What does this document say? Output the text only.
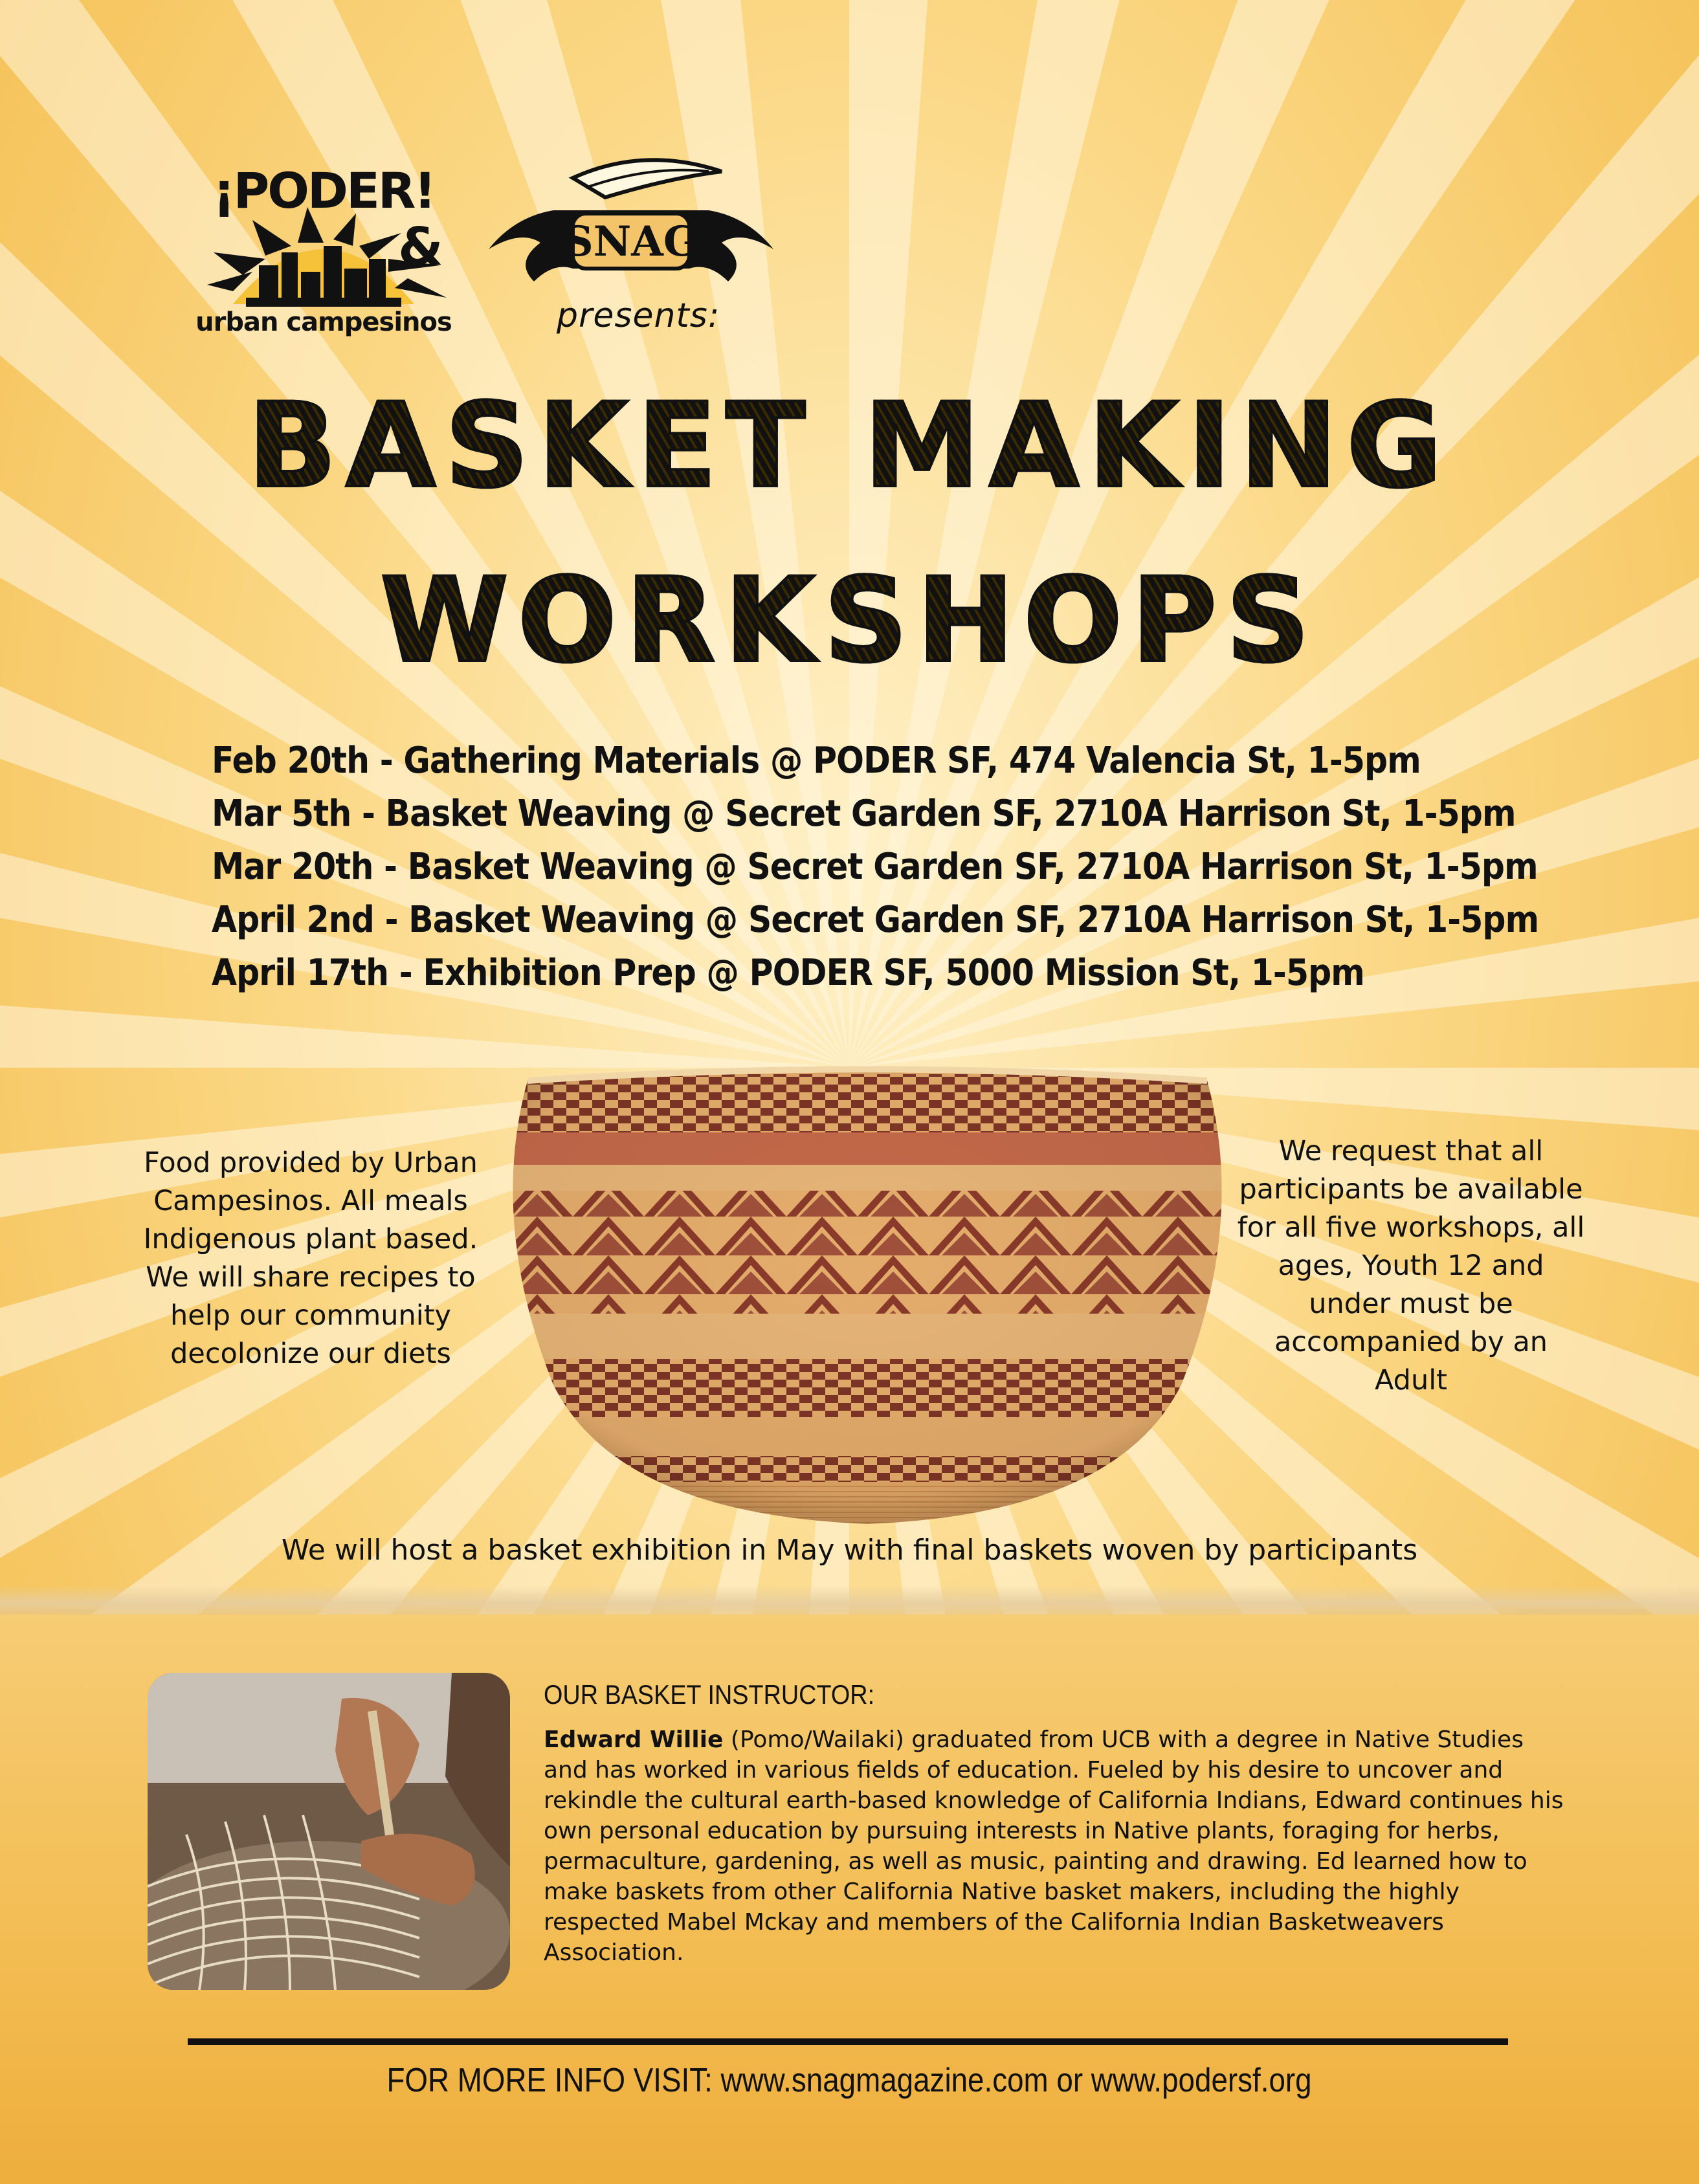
¡PODER!
urban campesinos
&	SNAG
presents:
BASKET MAKING
WORKSHOPS
Feb 20th - Gathering Materials @ PODER SF, 474 Valencia St, 1-5pm
Mar 5th - Basket Weaving @ Secret Garden SF, 2710A Harrison St, 1-5pm
Mar 20th - Basket Weaving @ Secret Garden SF, 2710A Harrison St, 1-5pm
April 2nd - Basket Weaving @ Secret Garden SF, 2710A Harrison St, 1-5pm
April 17th - Exhibition Prep @ PODER SF, 5000 Mission St, 1-5pm
Food provided by Urban Campesinos. All meals Indigenous plant based. We will share recipes to help our community decolonize our diets
We request that all participants be available for all five workshops, all ages, Youth 12 and under must be accompanied by an Adult
We will host a basket exhibition in May with final baskets woven by participants
OUR BASKET INSTRUCTOR:
Edward Willie (Pomo/Wailaki) graduated from UCB with a degree in Native Studies and has worked in various fields of education. Fueled by his desire to uncover and rekindle the cultural earth-based knowledge of California Indians, Edward continues his own personal education by pursuing interests in Native plants, foraging for herbs, permaculture, gardening, as well as music, painting and drawing. Ed learned how to make baskets from other California Native basket makers, including the highly respected Mabel Mckay and members of the California Indian Basketweavers Association.
FOR MORE INFO VISIT: www.snagmagazine.com or www.podersf.org
